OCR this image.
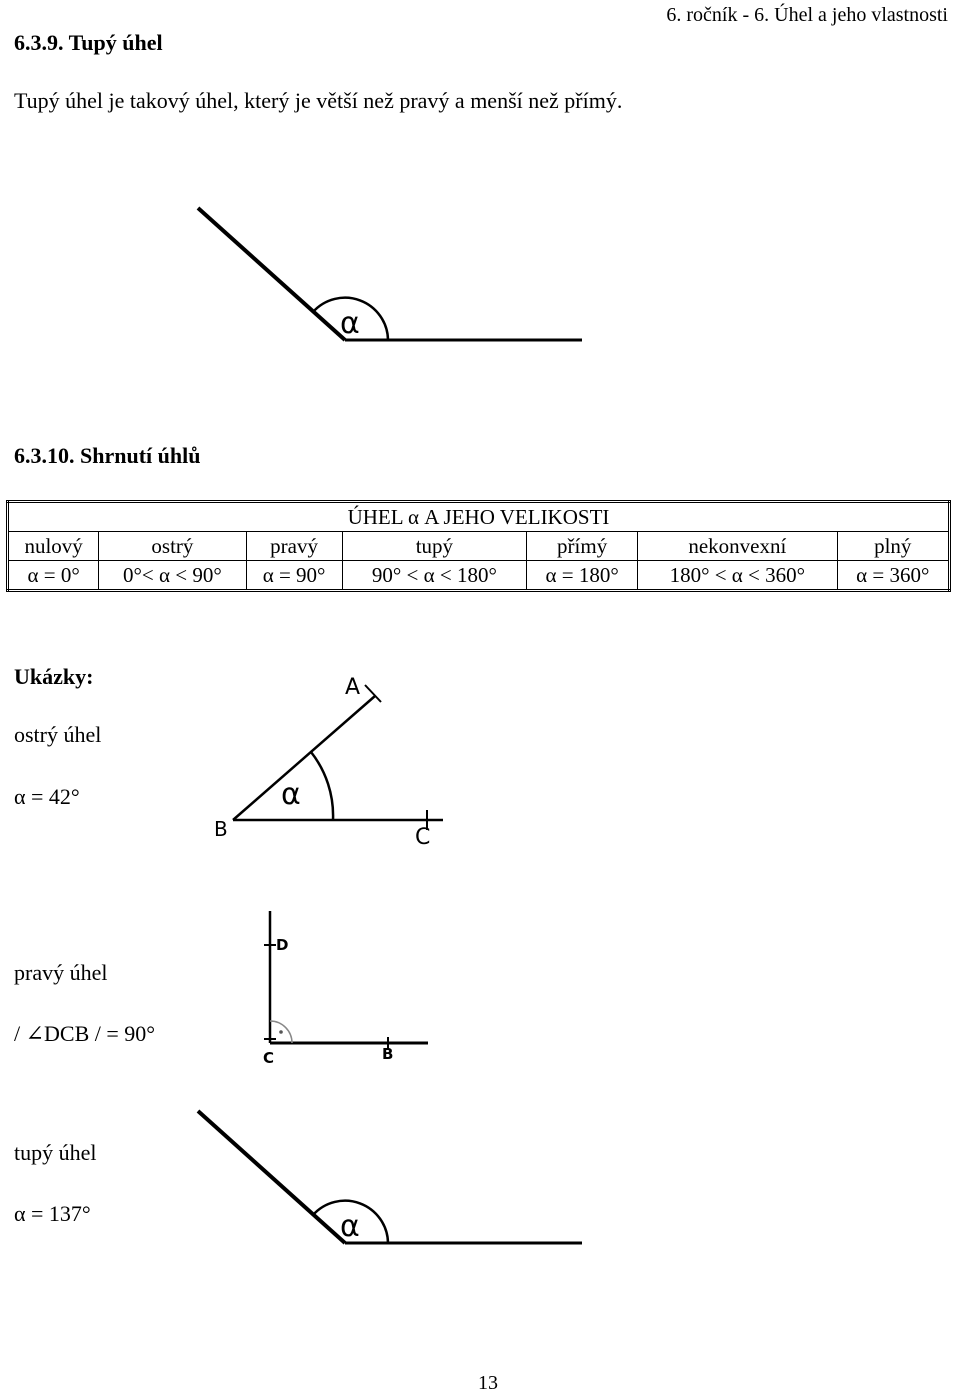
6. ročník - 6. Úhel a jeho vlastnosti
6.3.9. Tupý úhel
Tupý úhel je takový úhel, který je větší než pravý a menší než přímý.
α
6.3.10. Shrnutí úhlů
ÚHEL α A JEHO VELIKOSTI						
nulový	ostrý	pravý	tupý	přímý	nekonvexní	plný
α = 0°	0°< α < 90°	α = 90°	90° < α < 180°	α = 180°	180° < α < 360°	α = 360°
Ukázky:
ostrý úhel
α = 42°
A
B	C
α
pravý úhel
/ ∠DCB / = 90°
D
C	B
tupý úhel
α = 137°	α
13
